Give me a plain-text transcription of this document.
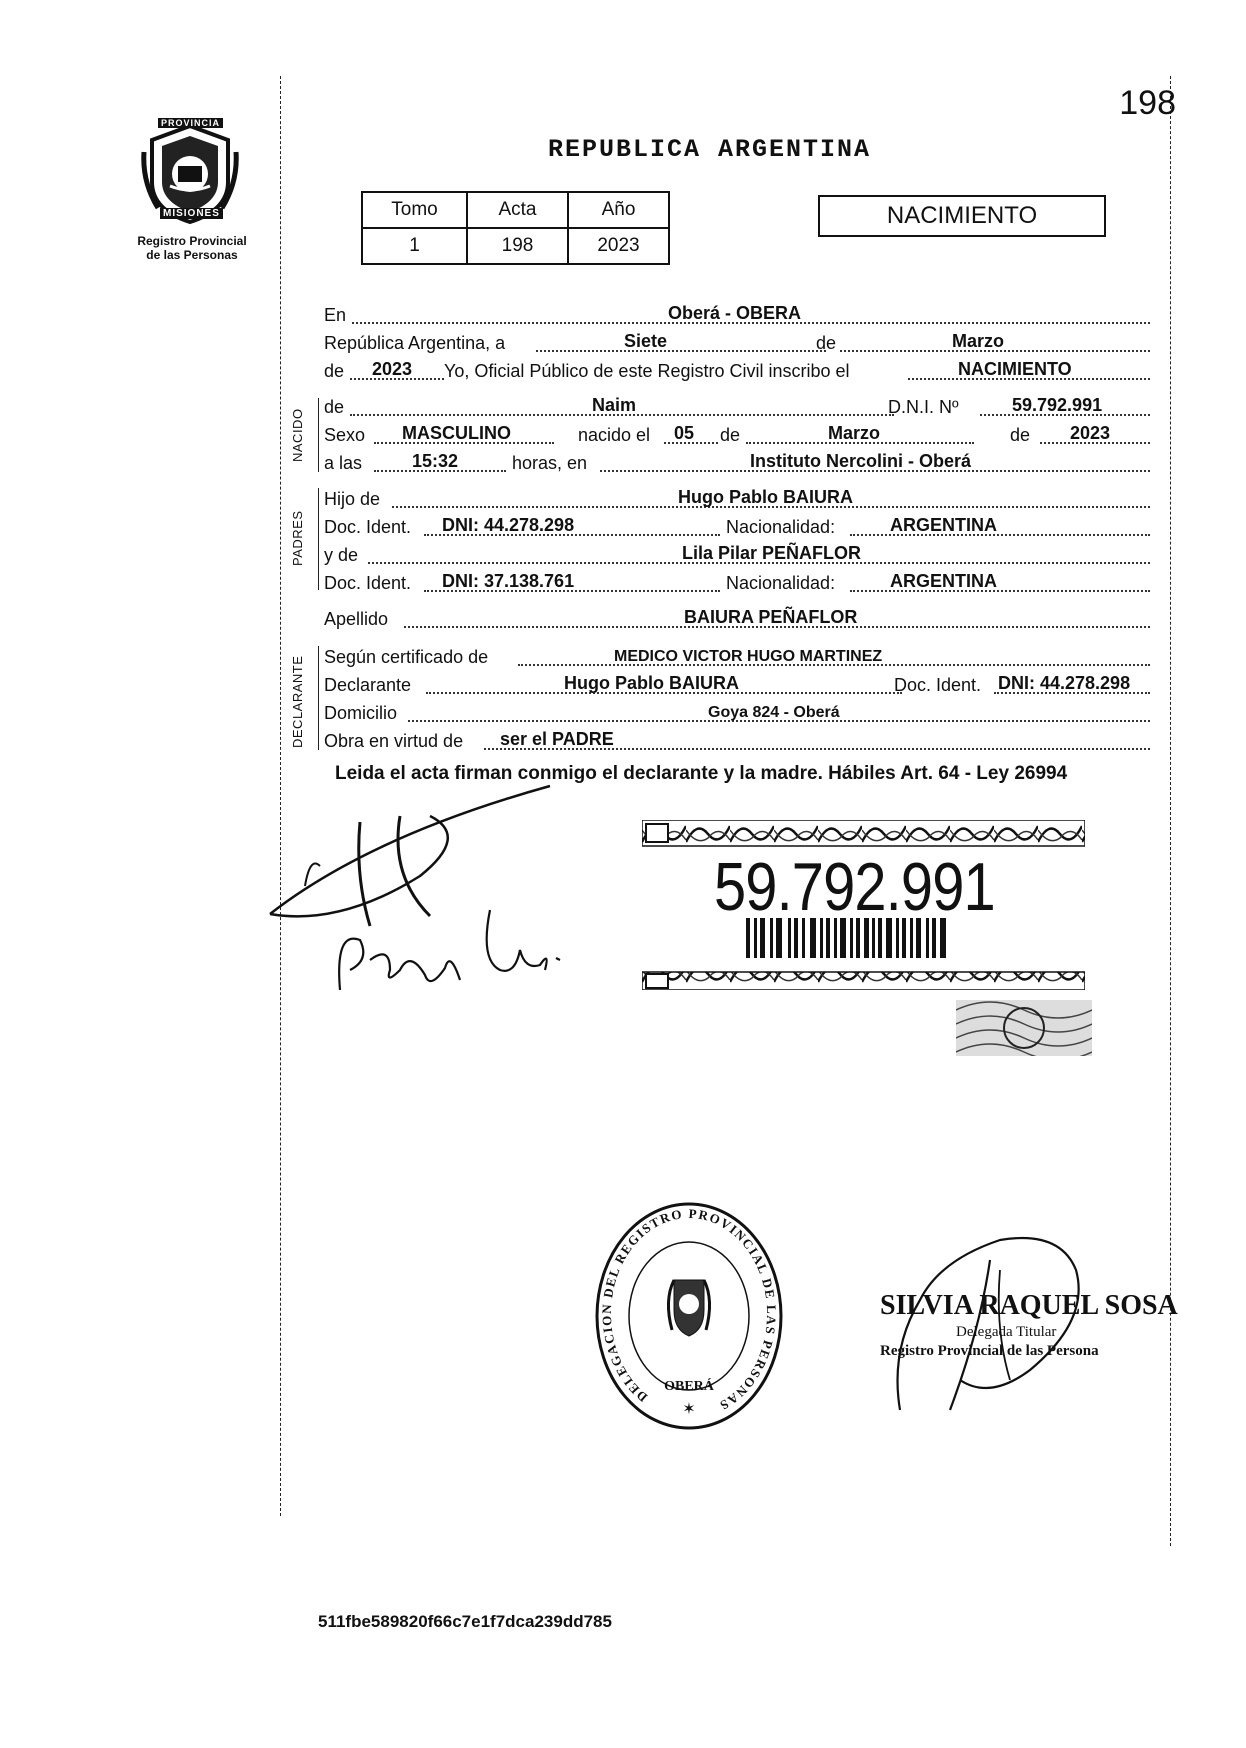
198
PROVINCIA
MISIONES
Registro Provincial
de las Personas
REPUBLICA ARGENTINA
Tomo	Acta	Año
1	198	2023
NACIMIENTO
En	Oberá - OBERA
República Argentina, a	Siete	de	Marzo
de 2023 Yo, Oficial Público de este Registro Civil inscribo el	NACIMIENTO
NACIDO
de	Naim	D.N.I. Nº	59.792.991
Sexo MASCULINO	nacido el 05 de	Marzo	de 2023
a las	15:32	horas, en	Instituto Nercolini - Oberá
PADRES
Hijo de	Hugo Pablo BAIURA
Doc. Ident. DNI: 44.278.298	Nacionalidad:	ARGENTINA
y de	Lila Pilar PEÑAFLOR
Doc. Ident. DNI: 37.138.761	Nacionalidad:	ARGENTINA
Apellido	BAIURA PEÑAFLOR
DECLARANTE Según certificado de	MEDICO VICTOR HUGO MARTINEZ
Declarante	Hugo Pablo BAIURA	Doc. Ident. DNI: 44.278.298
Domicilio	Goya 824 - Oberá
Obra en virtud de ser el PADRE
Leida el acta firman conmigo el declarante y la madre. Hábiles Art. 64 - Ley 26994
59.792.991
DELEGACION DEL REGISTRO PROVINCIAL DE LAS PERSONAS
OBERÁ
✶
SILVIA RAQUEL SOSA
Delegada Titular
Registro Provincial de las Persona
511fbe589820f66c7e1f7dca239dd785
